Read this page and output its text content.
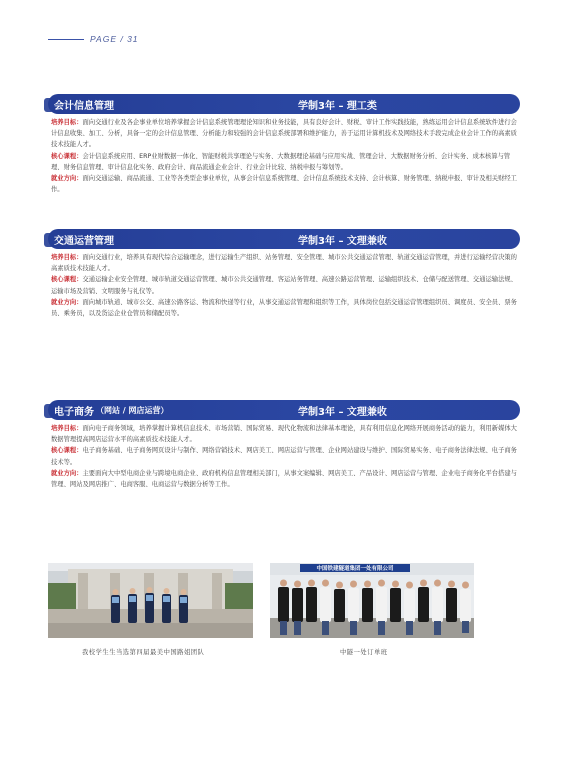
PAGE / 31
会计信息管理	学制3年 – 理工类

培养目标：面向交通行业及各企事业单位培养掌握会计信息系统管理理论知识和业务技能，具有良好会计、财税、审计工作实践技能，熟练运用会计信息系统软件进行会计信息收集、加工、分析，具备一定的会计信息管理、分析能力和较强的会计信息系统部署和维护能力，善于运用计算机技术及网络技术手段完成企业会计工作的高素质技术技能人才。

核心课程：会计信息系统应用、ERP业财数据一体化、智能财税共享理论与实务、大数据理论基础与应用实战、管理会计、大数据财务分析、会计实务、成本核算与管理、财务信息管理、审计信息化实务、政府会计、商品流通企业会计、行业会计比较、纳税申报与筹划等。

就业方向：面向交通运输、商品流通、工业等各类型企事业单位，从事会计信息系统管理、会计信息系统技术支持、会计核算、财务管理、纳税申报、审计及相关财经工作。

交通运营管理	学制3年 – 文理兼收

培养目标：面向交通行业，培养具有现代综合运输理念，进行运输生产组织、站务管理、安全管理、城市公共交通运营管理、轨道交通运营管理，并进行运输经营决策的高素质技术技能人才。

核心课程：交通运输企业安全管理、城市轨道交通运营管理、城市公共交通管理、客运站务管理、高速公路运营管理、运输组织技术、仓储与配送管理、交通运输法规、运输市场及营销、文明服务与礼仪等。

就业方向：面向城市轨道、城市公交、高速公路客运、物流和快递等行业，从事交通运营管理和组织等工作，具体岗位包括交通运营管理组织员、调度员、安全员、票务员、乘务员，以及货运企业仓管员和储配员等。

电子商务 （网站 / 网店运营）	学制3年 – 文理兼收

培养目标：面向电子商务领域，培养掌握计算机信息技术、市场营销、国际贸易、现代化物流和法律基本理论，具有利用信息化网络开展商务活动的能力，利用新媒体大数据管理提高网店运营水平的高素质技术技能人才。

核心课程：电子商务基础、电子商务网页设计与制作、网络营销技术、网店美工、网店运营与管理、企业网站建设与维护、国际贸易实务、电子商务法律法规、电子商务技术等。

就业方向：主要面向大中型电商企业与跨境电商企业、政府机构信息管理相关部门，从事文案编辑、网店美工、产品设计、网店运营与管理、企业电子商务化平台搭建与管理、网站及网店推广、电商客服、电商运营与数据分析等工作。

中国铁建隧道集团一处有限公司
我校学生生当选第四届最美中国路姐团队	中隧一处订单班
